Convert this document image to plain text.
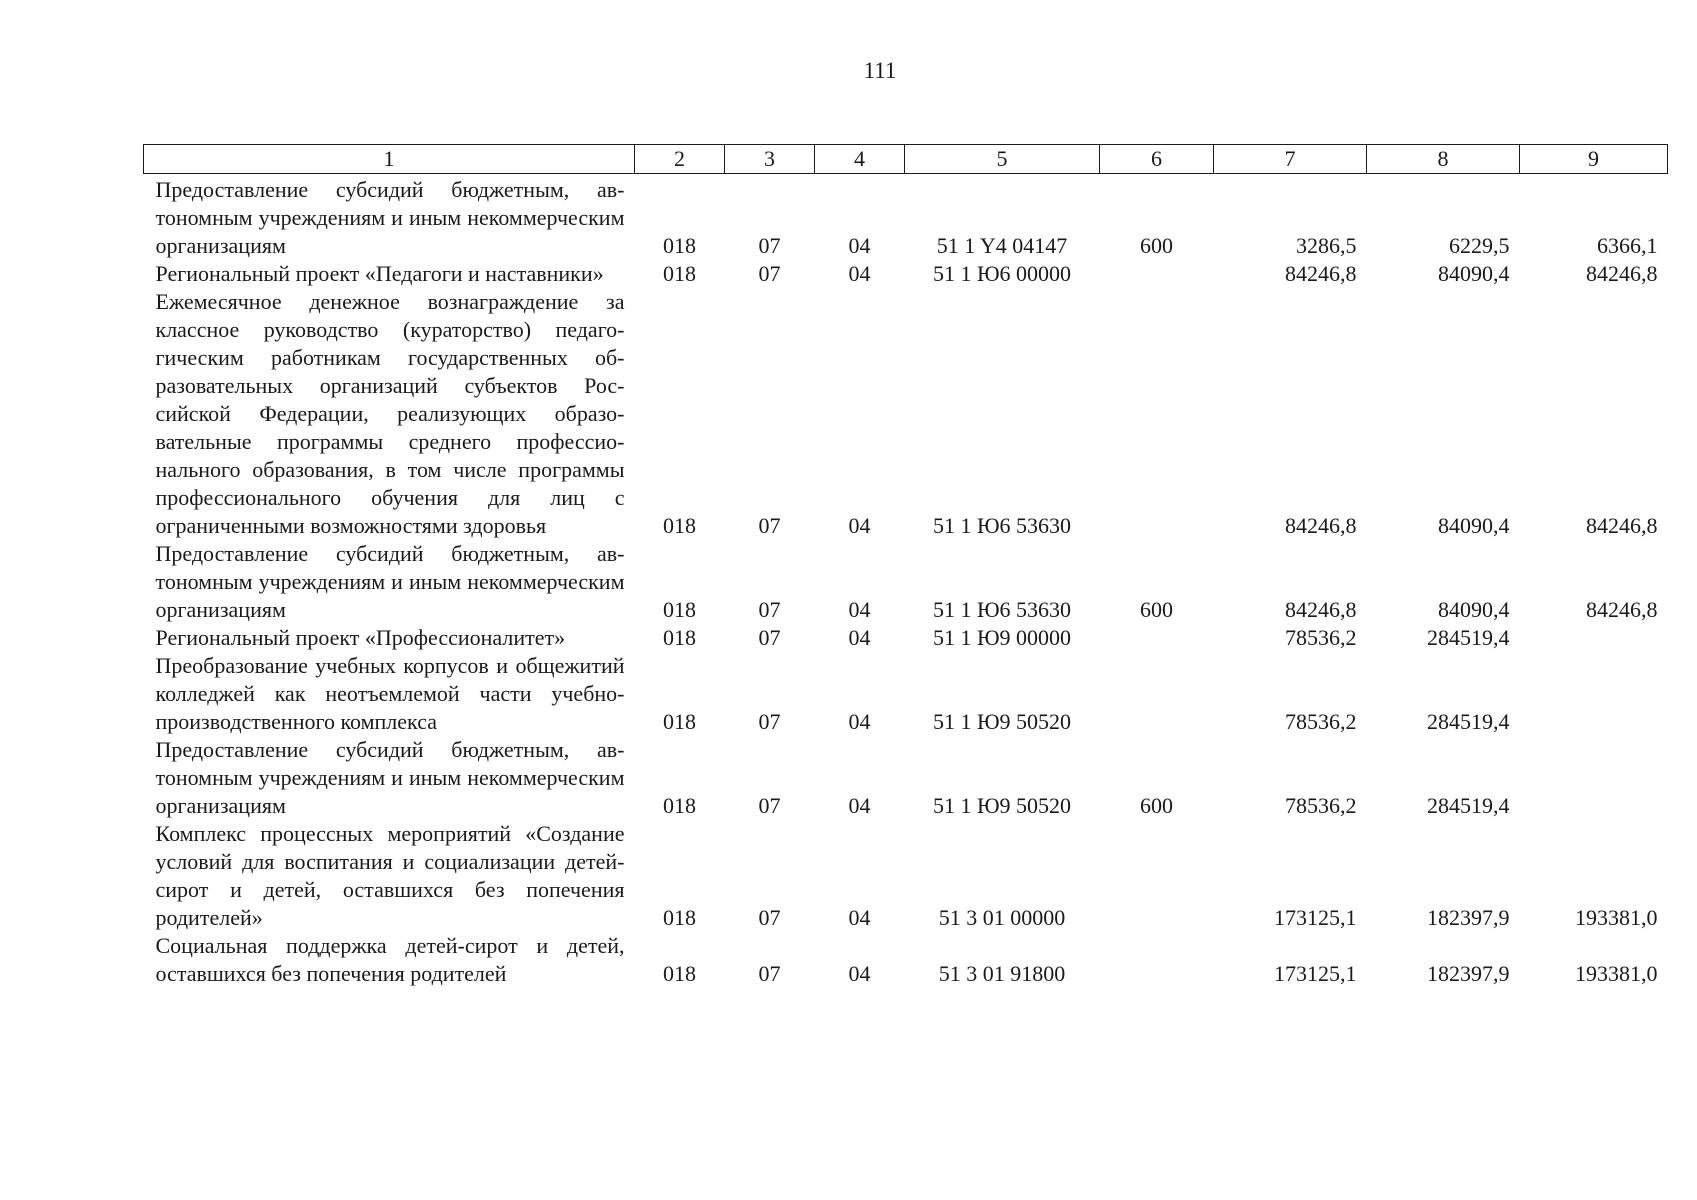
111
1	2	3	4	5	6	7	8	9
Предоставление субсидий бюджетным, автономным учреждениям и иным некоммерческим организациям	018	07	04	51 1 Y4 04147	600	3286,5	6229,5	6366,1
Региональный проект «Педагоги и наставники»	018	07	04	51 1 Ю6 00000		84246,8	84090,4	84246,8
Ежемесячное денежное вознаграждение за классное руководство (кураторство) педагогическим работникам государственных образовательных организаций субъектов Российской Федерации, реализующих образовательные программы среднего профессионального образования, в том числе программы профессионального обучения для лиц с ограниченными возможностями здоровья	018	07	04	51 1 Ю6 53630		84246,8	84090,4	84246,8
Предоставление субсидий бюджетным, автономным учреждениям и иным некоммерческим организациям	018	07	04	51 1 Ю6 53630	600	84246,8	84090,4	84246,8
Региональный проект «Профессионалитет»	018	07	04	51 1 Ю9 00000		78536,2	284519,4	
Преобразование учебных корпусов и общежитий колледжей как неотъемлемой части учебно-производственного комплекса	018	07	04	51 1 Ю9 50520		78536,2	284519,4	
Предоставление субсидий бюджетным, автономным учреждениям и иным некоммерческим организациям	018	07	04	51 1 Ю9 50520	600	78536,2	284519,4	
Комплекс процессных мероприятий «Создание условий для воспитания и социализации детей-сирот и детей, оставшихся без попечения родителей»	018	07	04	51 3 01 00000		173125,1	182397,9	193381,0
Социальная поддержка детей-сирот и детей, оставшихся без попечения родителей	018	07	04	51 3 01 91800		173125,1	182397,9	193381,0
